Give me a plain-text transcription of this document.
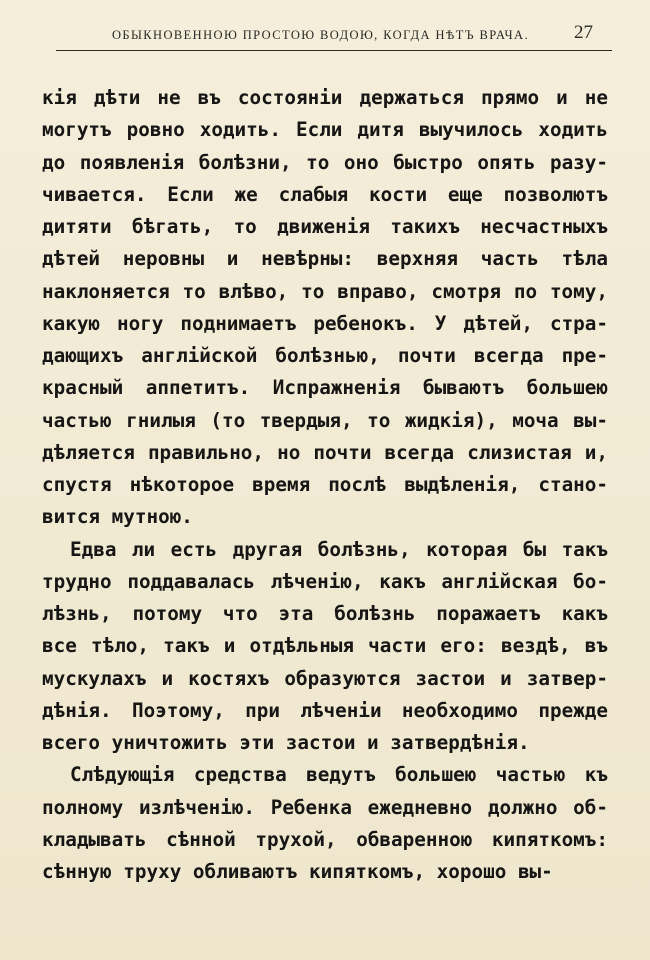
ОБЫКНОВЕННОЮ ПРОСТОЮ ВОДОЮ, КОГДА НѢТЪ ВРАЧА. 27
кія дѣти не въ состояніи держаться прямо и не
могутъ ровно ходить. Если дитя выучилось ходить
до появленія болѣзни, то оно быстро опять разу-
чивается. Если же слабыя кости еще позволютъ
дитяти бѣгать, то движенія такихъ несчастныхъ
дѣтей неровны и невѣрны: верхняя часть тѣла
наклоняется то влѣво, то вправо, смотря по тому,
какую ногу поднимаетъ ребенокъ. У дѣтей, стра-
дающихъ англійской болѣзнью, почти всегда пре-
красный аппетитъ. Испражненія бываютъ большею
частью гнилыя (то твердыя, то жидкія), моча вы-
дѣляется правильно, но почти всегда слизистая и,
спустя нѣкоторое время послѣ выдѣленія, стано-
вится мутною.
Едва ли есть другая болѣзнь, которая бы такъ
трудно поддавалась лѣченію, какъ англійская бо-
лѣзнь, потому что эта болѣзнь поражаетъ какъ
все тѣло, такъ и отдѣльныя части его: вездѣ, въ
мускулахъ и костяхъ образуются застои и затвер-
дѣнія. Поэтому, при лѣченіи необходимо прежде
всего уничтожить эти застои и затвердѣнія.
Слѣдующія средства ведутъ большею частью къ
полному излѣченію. Ребенка ежедневно должно об-
кладывать сѣнной трухой, обваренною кипяткомъ:
сѣнную труху обливаютъ кипяткомъ, хорошо вы-
